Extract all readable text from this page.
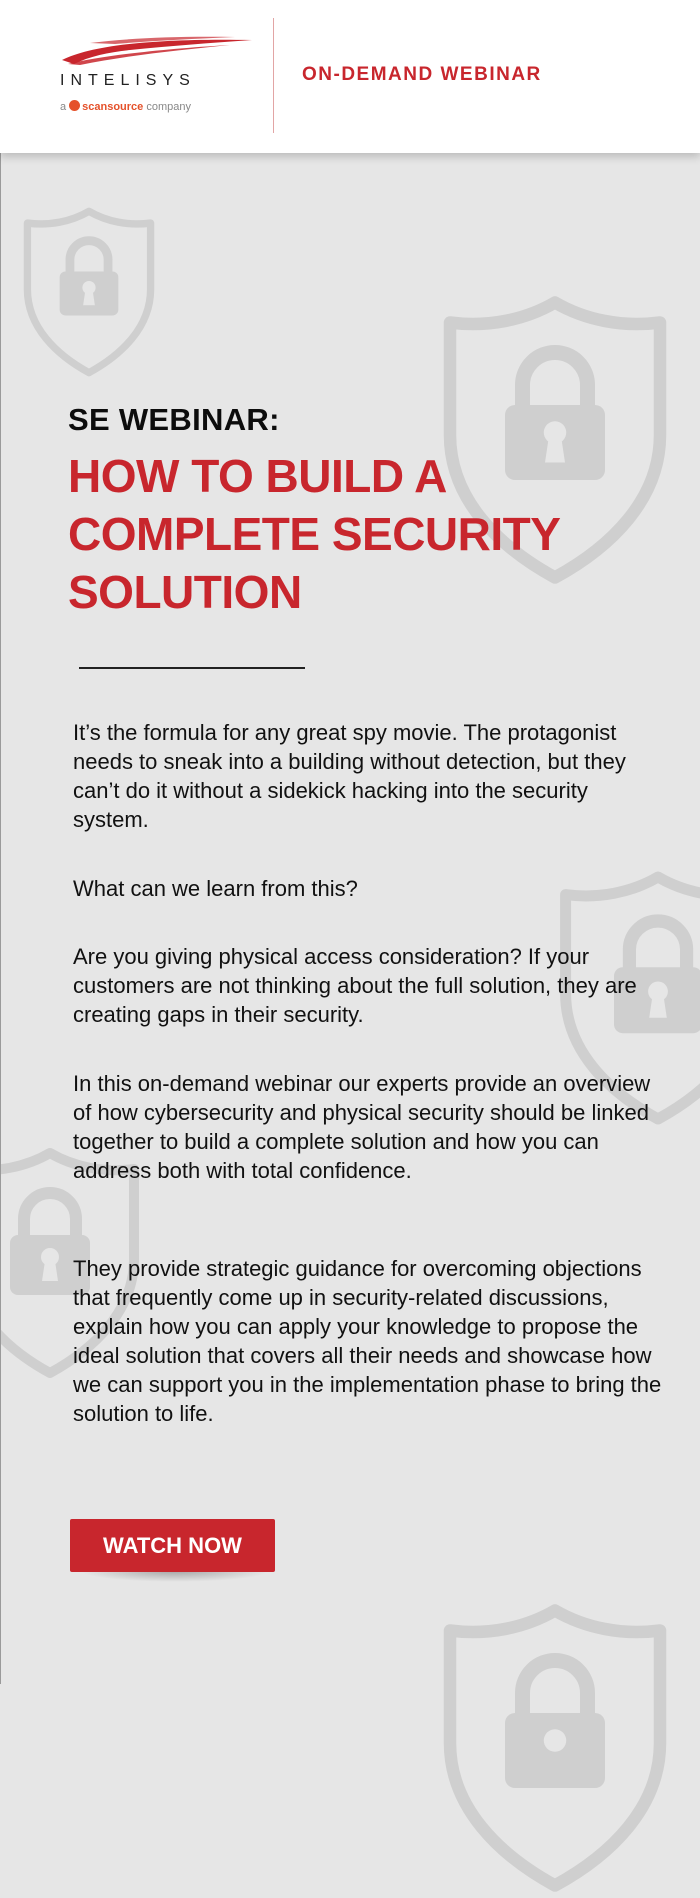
INTELISYS
a scansource company
ON-DEMAND WEBINAR
SE WEBINAR:
HOW TO BUILD A
COMPLETE SECURITY
SOLUTION

It’s the formula for any great spy movie. The protagonist needs to sneak into a building without detection, but they can’t do it without a sidekick hacking into the security system.

What can we learn from this?

Are you giving physical access consideration? If your customers are not thinking about the full solution, they are creating gaps in their security.

In this on-demand webinar our experts provide an overview of how cybersecurity and physical security should be linked together to build a complete solution and how you can address both with total confidence.

They provide strategic guidance for overcoming objections that frequently come up in security-related discussions, explain how you can apply your knowledge to propose the ideal solution that covers all their needs and showcase how we can support you in the implementation phase to bring the solution to life.

WATCH NOW
